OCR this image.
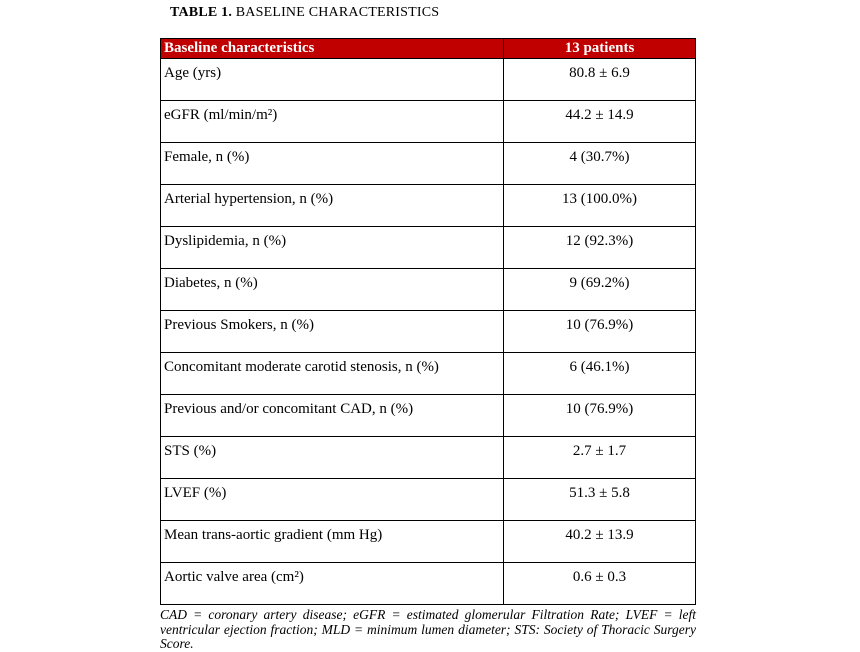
TABLE 1. BASELINE CHARACTERISTICS
Baseline characteristics	13 patients
Age (yrs)	80.8 ± 6.9
eGFR (ml/min/m²)	44.2 ± 14.9
Female, n (%)	4 (30.7%)
Arterial hypertension, n (%)	13 (100.0%)
Dyslipidemia, n (%)	12 (92.3%)
Diabetes, n (%)	9 (69.2%)
Previous Smokers, n (%)	10 (76.9%)
Concomitant moderate carotid stenosis, n (%)	6 (46.1%)
Previous and/or concomitant CAD, n (%)	10 (76.9%)
STS (%)	2.7 ± 1.7
LVEF (%)	51.3 ± 5.8
Mean trans-aortic gradient (mm Hg)	40.2 ± 13.9
Aortic valve area (cm²)	0.6 ± 0.3
CAD = coronary artery disease; eGFR = estimated glomerular Filtration Rate; LVEF = left ventricular ejection fraction; MLD = minimum lumen diameter; STS: Society of Thoracic Surgery Score.
